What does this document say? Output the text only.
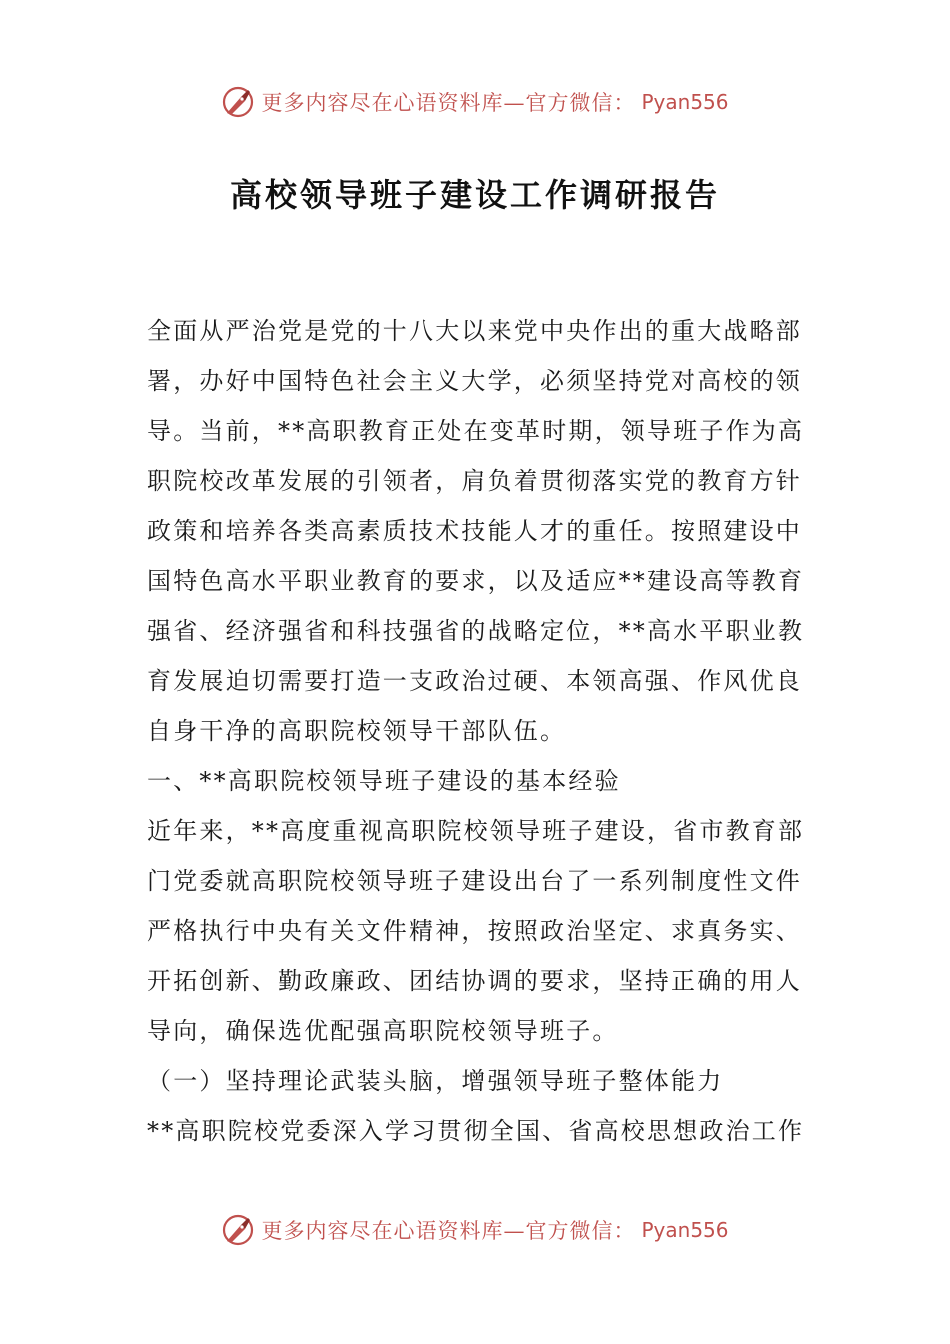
更多内容尽在心语资料库—官方微信： Pyan556
高校领导班子建设工作调研报告
全面从严治党是党的十八大以来党中央作出的重大战略部
署，办好中国特色社会主义大学，必须坚持党对高校的领
导。当前，**高职教育正处在变革时期，领导班子作为高
职院校改革发展的引领者，肩负着贯彻落实党的教育方针
政策和培养各类高素质技术技能人才的重任。按照建设中
国特色高水平职业教育的要求，以及适应**建设高等教育
强省、经济强省和科技强省的战略定位，**高水平职业教
育发展迫切需要打造一支政治过硬、本领高强、作风优良
自身干净的高职院校领导干部队伍。
一、**高职院校领导班子建设的基本经验
近年来，**高度重视高职院校领导班子建设，省市教育部
门党委就高职院校领导班子建设出台了一系列制度性文件
严格执行中央有关文件精神，按照政治坚定、求真务实、
开拓创新、勤政廉政、团结协调的要求，坚持正确的用人
导向，确保选优配强高职院校领导班子。
（一）坚持理论武装头脑，增强领导班子整体能力
**高职院校党委深入学习贯彻全国、省高校思想政治工作
更多内容尽在心语资料库—官方微信： Pyan556
